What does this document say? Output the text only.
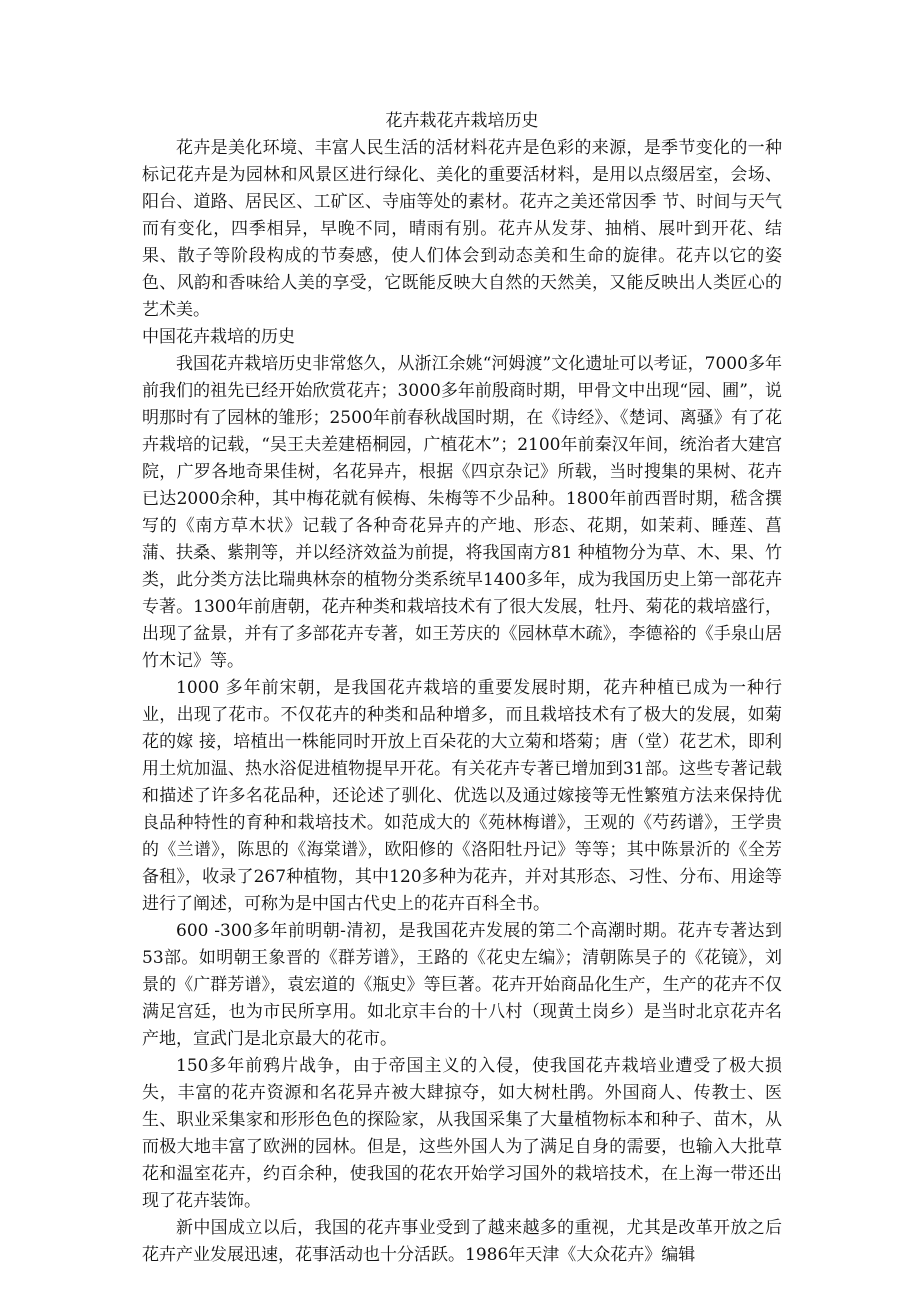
花卉栽花卉栽培历史

花卉是美化环境、丰富人民生活的活材料花卉是色彩的来源，是季节变化的一种标记花卉是为园林和风景区进行绿化、美化的重要活材料，是用以点缀居室，会场、阳台、道路、居民区、工矿区、寺庙等处的素材。花卉之美还常因季 节、时间与天气而有变化，四季相异，早晚不同，晴雨有别。花卉从发芽、抽梢、展叶到开花、结果、散子等阶段构成的节奏感，使人们体会到动态美和生命的旋律。花卉以它的姿色、风韵和香味给人美的享受，它既能反映大自然的天然美，又能反映出人类匠心的艺术美。

中国花卉栽培的历史

我国花卉栽培历史非常悠久，从浙江余姚“河姆渡”文化遗址可以考证，7000多年前我们的祖先已经开始欣赏花卉；3000多年前殷商时期，甲骨文中出现“园、圃”，说明那时有了园林的雏形；2500年前春秋战国时期，在《诗经》、《楚词、离骚》有了花卉栽培的记载，“吴王夫差建梧桐园，广植花木”；2100年前秦汉年间，统治者大建宫院，广罗各地奇果佳树，名花异卉，根据《四京杂记》所载，当时搜集的果树、花卉已达2000余种，其中梅花就有候梅、朱梅等不少品种。1800年前西晋时期，嵇含撰写的《南方草木状》记载了各种奇花异卉的产地、形态、花期，如茉莉、睡莲、菖蒲、扶桑、紫荆等，并以经济效益为前提，将我国南方81 种植物分为草、木、果、竹类，此分类方法比瑞典林奈的植物分类系统早1400多年，成为我国历史上第一部花卉专著。1300年前唐朝，花卉种类和栽培技术有了很大发展，牡丹、菊花的栽培盛行，出现了盆景，并有了多部花卉专著，如王芳庆的《园林草木疏》，李德裕的《手泉山居竹木记》等。

1000 多年前宋朝，是我国花卉栽培的重要发展时期，花卉种植已成为一种行业，出现了花市。不仅花卉的种类和品种增多，而且栽培技术有了极大的发展，如菊花的嫁 接，培植出一株能同时开放上百朵花的大立菊和塔菊；唐（堂）花艺术，即利用土炕加温、热水浴促进植物提早开花。有关花卉专著已增加到31部。这些专著记载 和描述了许多名花品种，还论述了驯化、优选以及通过嫁接等无性繁殖方法来保持优良品种特性的育种和栽培技术。如范成大的《苑林梅谱》，王观的《芍药谱》，王学贵的《兰谱》，陈思的《海棠谱》，欧阳修的《洛阳牡丹记》等等；其中陈景沂的《全芳备租》，收录了267种植物，其中120多种为花卉，并对其形态、习性、分布、用途等进行了阐述，可称为是中国古代史上的花卉百科全书。

600 -300多年前明朝-清初，是我国花卉发展的第二个高潮时期。花卉专著达到53部。如明朝王象晋的《群芳谱》，王路的《花史左编》；清朝陈昊子的《花镜》，刘景的《广群芳谱》，袁宏道的《瓶史》等巨著。花卉开始商品化生产，生产的花卉不仅满足宫廷，也为市民所享用。如北京丰台的十八村（现黄土岗乡）是当时北京花卉名产地，宣武门是北京最大的花市。

150多年前鸦片战争，由于帝国主义的入侵，使我国花卉栽培业遭受了极大损失，丰富的花卉资源和名花异卉被大肆掠夺，如大树杜鹃。外国商人、传教士、医生、职业采集家和形形色色的探险家，从我国采集了大量植物标本和种子、苗木，从而极大地丰富了欧洲的园林。但是，这些外国人为了满足自身的需要，也输入大批草花和温室花卉，约百余种，使我国的花农开始学习国外的栽培技术，在上海一带还出现了花卉装饰。

新中国成立以后，我国的花卉事业受到了越来越多的重视，尤其是改革开放之后花卉产业发展迅速，花事活动也十分活跃。1986年天津《大众花卉》编辑
